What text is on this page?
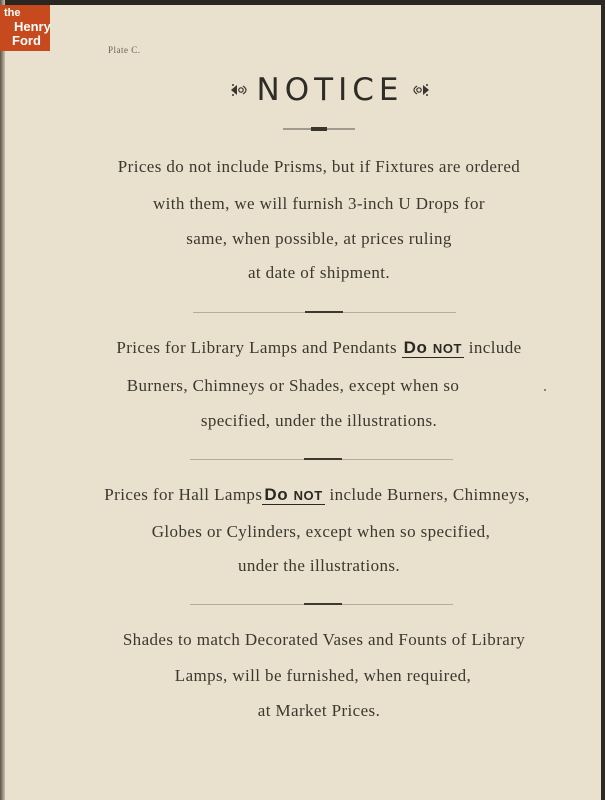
the
Henry
Ford
Plate C.
NOTICE
Prices do not include Prisms, but if Fixtures are ordered
with them, we will furnish 3-inch U Drops for
same, when possible, at prices ruling
at date of shipment.
Prices for Library Lamps and Pendants Do NOT include
Burners, Chimneys or Shades, except when so
specified, under the illustrations.
Prices for Hall Lamps Do NOT include Burners, Chimneys,
Globes or Cylinders, except when so specified,
under the illustrations.
Shades to match Decorated Vases and Founts of Library
Lamps, will be furnished, when required,
at Market Prices.
